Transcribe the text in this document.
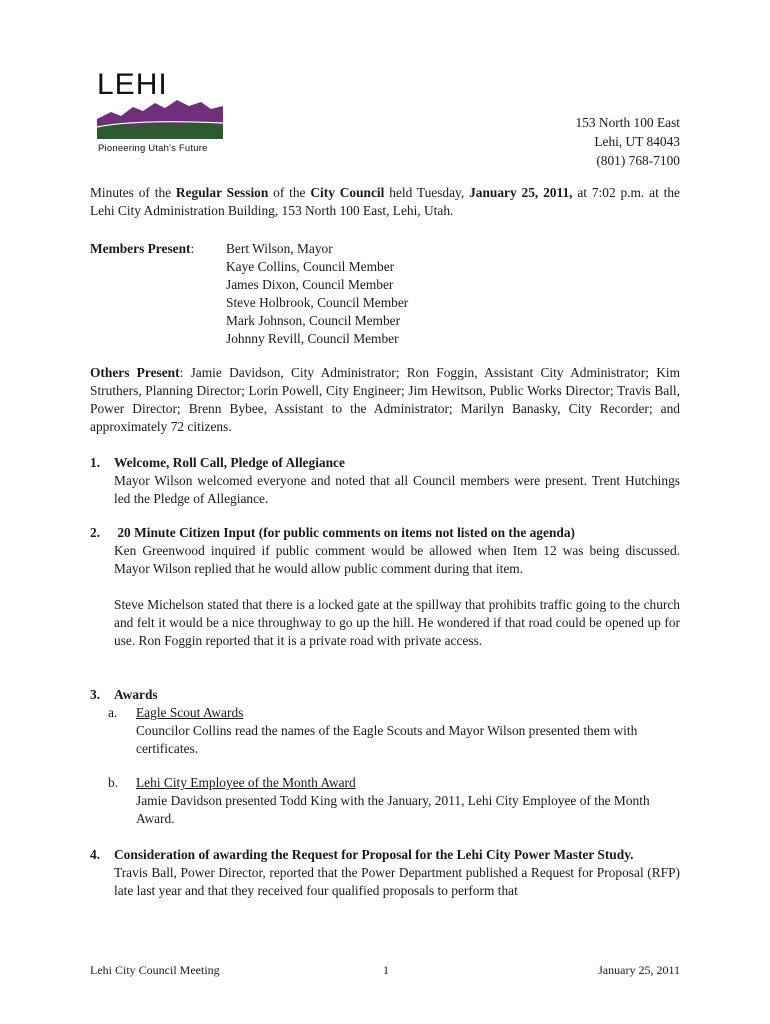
LEHI
Pioneering Utah's Future
153 North 100 East
Lehi, UT 84043
(801) 768-7100
Minutes of the Regular Session of the City Council held Tuesday, January 25, 2011, at 7:02 p.m. at the Lehi City Administration Building, 153 North 100 East, Lehi, Utah.
Members Present: Bert Wilson, Mayor
Kaye Collins, Council Member
James Dixon, Council Member
Steve Holbrook, Council Member
Mark Johnson, Council Member
Johnny Revill, Council Member
Others Present: Jamie Davidson, City Administrator; Ron Foggin, Assistant City Administrator; Kim Struthers, Planning Director; Lorin Powell, City Engineer; Jim Hewitson, Public Works Director; Travis Ball, Power Director; Brenn Bybee, Assistant to the Administrator; Marilyn Banasky, City Recorder; and approximately 72 citizens.
1. Welcome, Roll Call, Pledge of Allegiance
Mayor Wilson welcomed everyone and noted that all Council members were present. Trent Hutchings led the Pledge of Allegiance.
2. 20 Minute Citizen Input (for public comments on items not listed on the agenda)
Ken Greenwood inquired if public comment would be allowed when Item 12 was being discussed. Mayor Wilson replied that he would allow public comment during that item.
Steve Michelson stated that there is a locked gate at the spillway that prohibits traffic going to the church and felt it would be a nice throughway to go up the hill. He wondered if that road could be opened up for use. Ron Foggin reported that it is a private road with private access.
3. Awards
a. Eagle Scout Awards
Councilor Collins read the names of the Eagle Scouts and Mayor Wilson presented them with certificates.
b. Lehi City Employee of the Month Award
Jamie Davidson presented Todd King with the January, 2011, Lehi City Employee of the Month Award.
4.	Consideration of awarding the Request for Proposal for the Lehi City Power Master Study.
Travis Ball, Power Director, reported that the Power Department published a Request for Proposal (RFP) late last year and that they received four qualified proposals to perform that
Lehi City Council Meeting	1	January 25, 2011
